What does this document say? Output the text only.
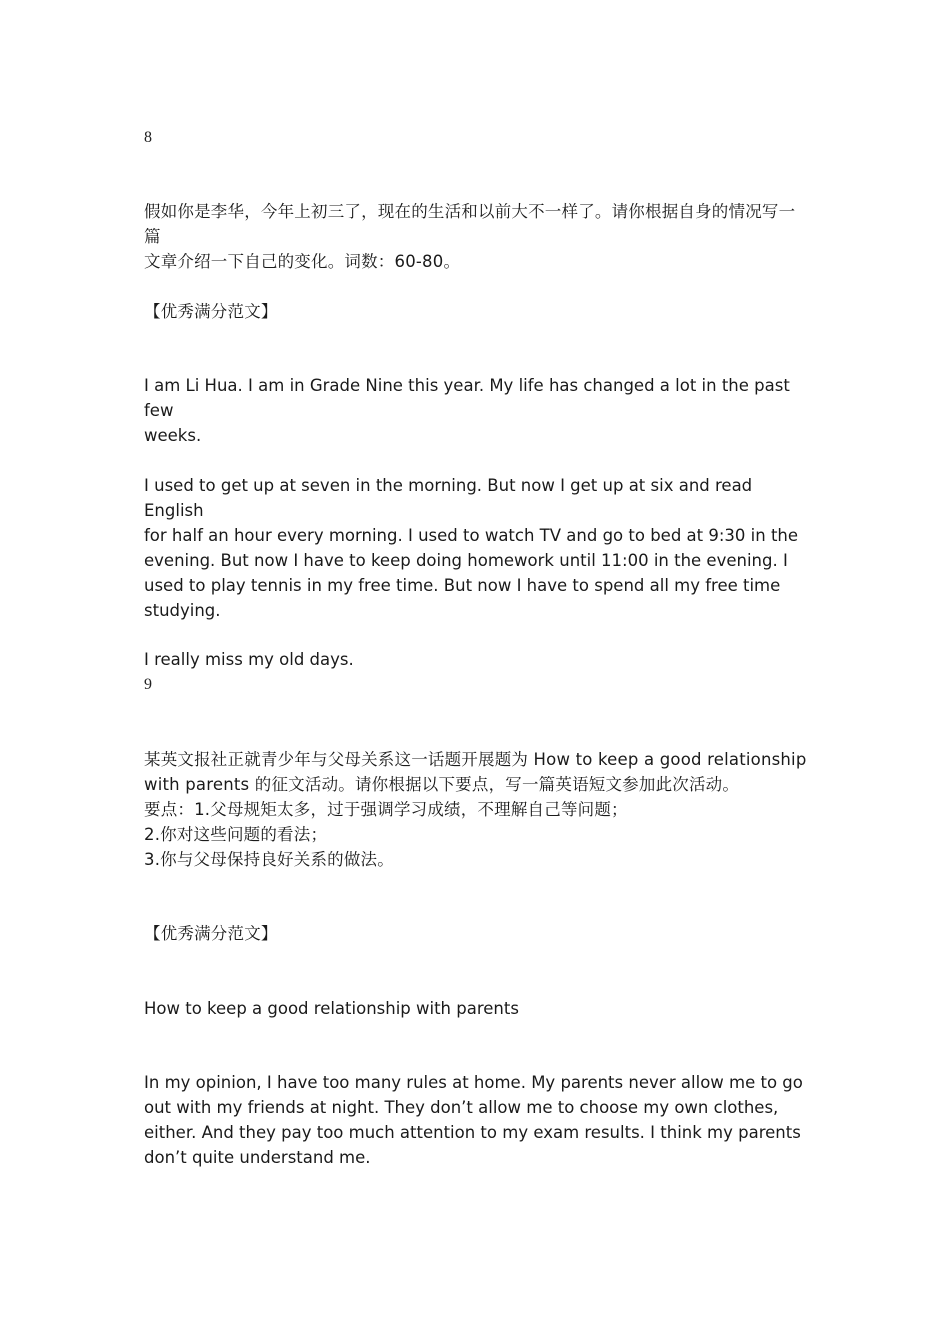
8

假如你是李华，今年上初三了，现在的生活和以前大不一样了。请你根据自身的情况写一篇

文章介绍一下自己的变化。词数：60-80。

【优秀满分范文】

I am Li Hua. I am in Grade Nine this year. My life has changed a lot in the past few

weeks.

I used to get up at seven in the morning. But now I get up at six and read English

for half an hour every morning. I used to watch TV and go to bed at 9:30 in the

evening. But now I have to keep doing homework until 11:00 in the evening. I

used to play tennis in my free time. But now I have to spend all my free time

studying.

I really miss my old days.
9

某英文报社正就青少年与父母关系这一话题开展题为 How to keep a good relationship

with parents 的征文活动。请你根据以下要点，写一篇英语短文参加此次活动。

要点：1.父母规矩太多，过于强调学习成绩，不理解自己等问题；

2.你对这些问题的看法；

3.你与父母保持良好关系的做法。

【优秀满分范文】
How to keep a good relationship with parents

In my opinion, I have too many rules at home. My parents never allow me to go

out with my friends at night. They don’t allow me to choose my own clothes,

either. And they pay too much attention to my exam results. I think my parents

don’t quite understand me.
